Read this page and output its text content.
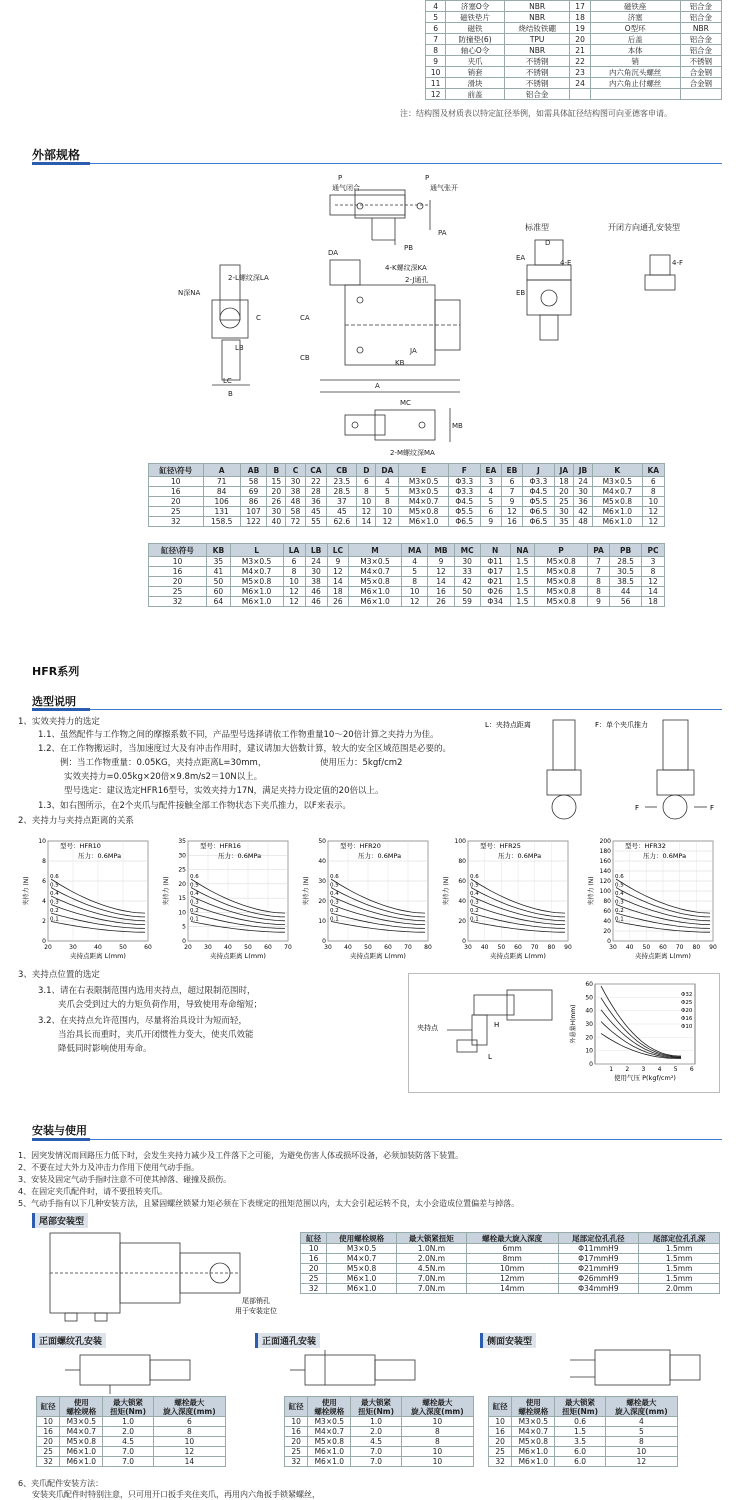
4	济塞O令	NBR	17	磁铁座	铝合金
5	磁铁垫片	NBR	18	济塞	铝合金
6	磁铁	烧结钕铁硼	19	O型环	NBR
7	防撞垫(6)	TPU	20	后盖	铝合金
8	轴心O令	NBR	21	本体	铝合金
9	夹爪	不锈钢	22	销	不锈钢
10	销套	不锈钢	23	内六角沉头螺丝	合金钢
11	滑块	不锈钢	24	内六角止付螺丝	合金钢
12	前盖	铝合金			
注：结构图及材质表以特定缸径举例，如需具体缸径结构图可向亚德客申请。
外部规格
P
通气闭合
P
通气张开
PA
PB
DA
4-K螺纹深KA
2-J通孔
2-L螺纹深LA
N深NA
CA
CB
C
LC
B
LB
A
KB
JA
MC
MB
2-M螺纹深MA
标准型	开闭方向通孔安装型
D
4-E	4-F
EA
EB
缸径\符号	A	AB	B	C	CA	CB	D	DA	E	F	EA	EB	J	JA	JB	K	KA
10	71	58	15	30	22	23.5	6	4	M3×0.5	Φ3.3	3	6	Φ3.3	18	24	M3×0.5	6
16	84	69	20	38	28	28.5	8	5	M3×0.5	Φ3.3	4	7	Φ4.5	20	30	M4×0.7	8
20	106	86	26	48	36	37	10	8	M4×0.7	Φ4.5	5	9	Φ5.5	25	36	M5×0.8	10
25	131	107	30	58	45	45	12	10	M5×0.8	Φ5.5	6	12	Φ6.5	30	42	M6×1.0	12
32	158.5	122	40	72	55	62.6	14	12	M6×1.0	Φ6.5	9	16	Φ6.5	35	48	M6×1.0	12
缸径\符号	KB	L	LA	LB	LC	M	MA	MB	MC	N	NA	P	PA	PB	PC
10	35	M3×0.5	6	24	9	M3×0.5	4	9	30	Φ11	1.5	M5×0.8	7	28.5	3
16	41	M4×0.7	8	30	12	M4×0.7	5	12	33	Φ17	1.5	M5×0.8	7	30.5	8
20	50	M5×0.8	10	38	14	M5×0.8	8	14	42	Φ21	1.5	M5×0.8	8	38.5	12
25	60	M6×1.0	12	46	18	M6×1.0	10	16	50	Φ26	1.5	M5×0.8	8	44	14
32	64	M6×1.0	12	46	26	M6×1.0	12	26	59	Φ34	1.5	M5×0.8	9	56	18
HFR系列
选型说明
1、实效夹持力的选定
1.1、虽然配件与工作物之间的摩擦系数不同，产品型号选择请依工作物重量10～20倍计算之夹持力为佳。
1.2、在工作物搬运时，当加速度过大及有冲击作用时，建议请加大倍数计算，较大的安全区域范围是必要的。
例：当工作物重量：0.05KG，夹持点距离L=30mm，	使用压力：5kgf/cm2
实效夹持力=0.05kg×20倍×9.8m/s2＝10N以上。
型号选定：建议选定HFR16型号，实效夹持力17N，满足夹持力设定值的20倍以上。
1.3、如右图所示，在2个夹爪与配件接触全部工作物状态下夹爪推力，以F来表示。
2、夹持力与夹持点距离的关系
L：夹持点距离	F：单个夹爪推力
F	F
0
2
4
6
8
10
20	30	40	50	60
型号：HFR10
压力：0.6MPa
0.6
0.5
0.4
0.3
0.2
0.1
夹持力 (N)
夹持点距离 L(mm)
0
5
10
15
20
25
30
35
20 30 40 50 60 70
型号：HFR16
压力：0.6MPa
0.6
0.5
0.4
0.3
0.2
0.1
夹持力 (N)
夹持点距离 L(mm)
0
10
20
30
40
50
30 40 50 60 70 80
型号：HFR20
压力：0.6MPa
0.6
0.5
0.4
0.3
0.2
0.1
夹持力 (N)
夹持点距离 L(mm)
0
20
40
60
80
100
30 40 50 60 70 80 90
型号：HFR25
压力：0.6MPa
0.6
0.5
0.4
0.3
0.2
0.1
夹持力 (N)
夹持点距离 L(mm)
0
20
40
60
80
100
120
140
160
180
200
30 40 50 60 70 80 90
型号：HFR32
压力：0.6MPa
0.6
0.5
0.4
0.3
0.2
0.1
夹持力 (N)
夹持点距离 L(mm)
3、夹持点位置的选定
3.1、请在右表限制范围内选用夹持点，超过限制范围时，
夹爪会受到过大的力矩负荷作用，导致使用寿命缩短；
3.2、在夹持点允许范围内，尽量将治具设计为短而轻，
当治具长而重时，夹爪开闭惯性力变大，使夹爪效能
降低同时影响使用寿命。
夹持点	H
L
0
10
20
30
40
50
60
1 2 3 4 5 6
Φ32
Φ25
Φ20
Φ16
Φ10
外悬量H(mm)
使用气压 P(kgf/cm²)
安装与使用
1、因突发情况而回路压力低下时，会发生夹持力减少及工件落下之可能，为避免伤害人体或损坏设备，必须加装防落下装置。
2、不要在过大外力及冲击力作用下使用气动手指。
3、安装及固定气动手指时注意不可使其掉落、碰撞及损伤。
4、在固定夹爪配件时，请不要扭转夹爪。
5、气动手指有以下几种安装方法，且紧固螺丝锁紧力矩必须在下表规定的扭矩范围以内，太大会引起运转不良，太小会造成位置偏差与掉落。
尾部安装型
尾部销孔
用于安装定位
缸径	使用螺栓规格	最大锁紧扭矩	螺栓最大旋入深度	尾部定位孔孔径	尾部定位孔孔深
10	M3×0.5	1.0N.m	6mm	Φ11mmH9	1.5mm
16	M4×0.7	2.0N.m	8mm	Φ17mmH9	1.5mm
20	M5×0.8	4.5N.m	10mm	Φ21mmH9	1.5mm
25	M6×1.0	7.0N.m	12mm	Φ26mmH9	1.5mm
32	M6×1.0	7.0N.m	14mm	Φ34mmH9	2.0mm
正面螺纹孔安装	正面通孔安装	侧面安装型
缸径	使用
螺栓规格	最大锁紧
扭矩(Nm)	螺栓最大
旋入深度(mm)
10	M3×0.5	1.0	6
16	M4×0.7	2.0	8
20	M5×0.8	4.5	10
25	M6×1.0	7.0	12
32	M6×1.0	7.0	14
缸径	使用
螺栓规格	最大锁紧
扭矩(Nm)	螺栓最大
旋入深度(mm)
10	M3×0.5	1.0	10
16	M4×0.7	2.0	8
20	M5×0.8	4.5	8
25	M6×1.0	7.0	10
32	M6×1.0	7.0	10
缸径	使用
螺栓规格	最大锁紧
扭矩(Nm)	螺栓最大
旋入深度(mm)
10	M3×0.5	0.6	4
16	M4×0.7	1.5	5
20	M5×0.8	3.5	8
25	M6×1.0	6.0	10
32	M6×1.0	6.0	12
6、夹爪配件安装方法：
安装夹爪配件时特别注意，只可用开口扳手夹住夹爪，再用内六角扳手锁紧螺丝，
